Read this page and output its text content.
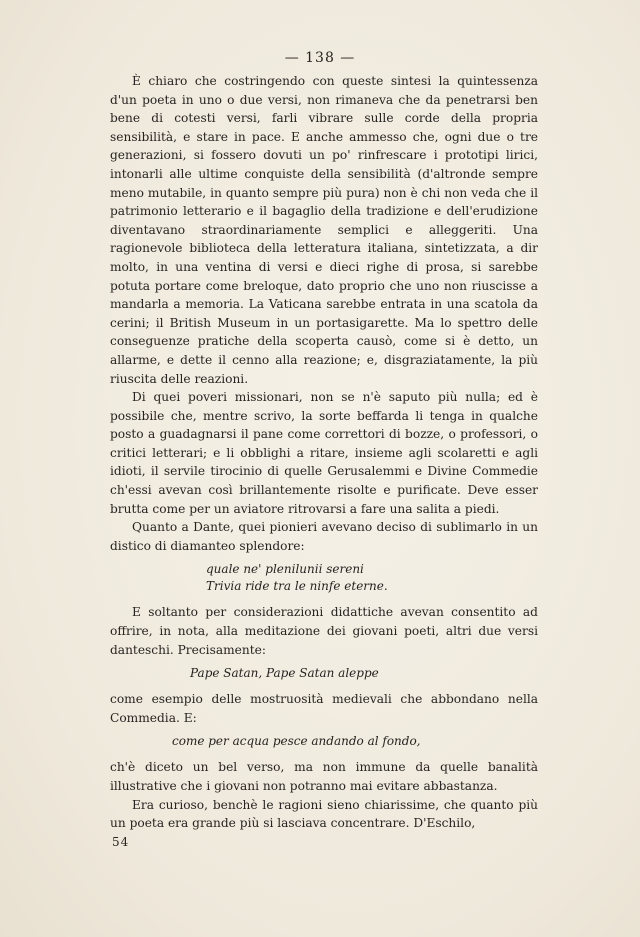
— 138 —

È chiaro che costringendo con queste sintesi la quintessenza d'un poeta in uno o due versi, non rimaneva che da penetrarsi ben bene di cotesti versi, farli vibrare sulle corde della propria sensibilità, e stare in pace. E anche ammesso che, ogni due o tre generazioni, si fossero dovuti un po' rinfrescare i prototipi lirici, intonarli alle ultime conquiste della sensibilità (d'altronde sempre meno mutabile, in quanto sempre più pura) non è chi non veda che il patrimonio letterario e il bagaglio della tradizione e dell'erudizione diventavano straordinariamente semplici e alleggeriti. Una ragionevole biblioteca della letteratura italiana, sintetizzata, a dir molto, in una ventina di versi e dieci righe di prosa, si sarebbe potuta portare come breloque, dato proprio che uno non riuscisse a mandarla a memoria. La Vaticana sarebbe entrata in una scatola da cerini; il British Museum in un portasigarette. Ma lo spettro delle conseguenze pratiche della scoperta causò, come si è detto, un allarme, e dette il cenno alla reazione; e, disgraziatamente, la più riuscita delle reazioni.

Di quei poveri missionari, non se n'è saputo più nulla; ed è possibile che, mentre scrivo, la sorte beffarda li tenga in qualche posto a guadagnarsi il pane come correttori di bozze, o professori, o critici letterari; e li obblighi a ritare, insieme agli scolaretti e agli idioti, il servile tirocinio di quelle Gerusalemmi e Divine Commedie ch'essi avevan così brillantemente risolte e purificate. Deve esser brutta come per un aviatore ritrovarsi a fare una salita a piedi.

Quanto a Dante, quei pionieri avevano deciso di sublimarlo in un distico di diamanteo splendore:

quale ne' plenilunii sereni
Trivia ride tra le ninfe eterne.

E soltanto per considerazioni didattiche avevan consentito ad offrire, in nota, alla meditazione dei giovani poeti, altri due versi danteschi. Precisamente:

Pape Satan, Pape Satan aleppe

come esempio delle mostruosità medievali che abbondano nella Commedia. E:

come per acqua pesce andando al fondo,

ch'è diceto un bel verso, ma non immune da quelle banalità illustrative che i giovani non potranno mai evitare abbastanza.

Era curioso, benchè le ragioni sieno chiarissime, che quanto più un poeta era grande più si lasciava concentrare. D'Eschilo,

54
